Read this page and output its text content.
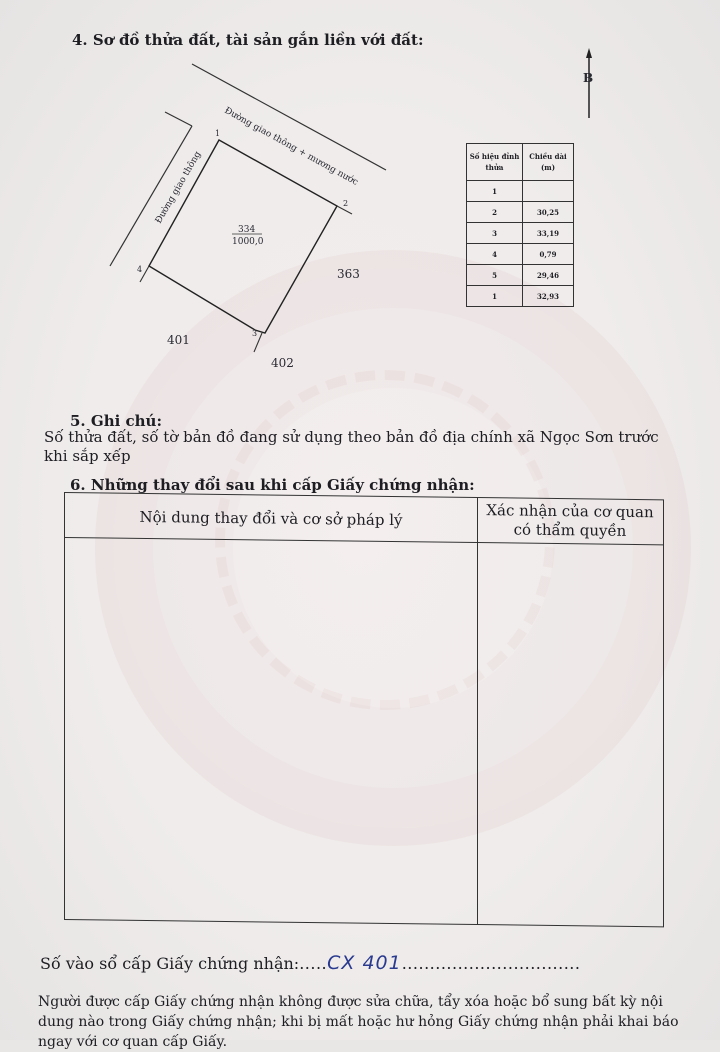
4. Sơ đồ thửa đất, tài sản gắn liền với đất:
B
Đường giao thông + mương nước
Đường giao thông
334
1000,0
1
2
3
4	363
401
402
Số hiệu đỉnh thửa	Chiều dài (m)
1	
2	30,25
3	33,19
4	0,79
5	29,46
1	32,93
5. Ghi chú:
Số thửa đất, số tờ bản đồ đang sử dụng theo bản đồ địa chính xã Ngọc Sơn trước khi sắp xếp
6. Những thay đổi sau khi cấp Giấy chứng nhận:
Nội dung thay đổi và cơ sở pháp lý	Xác nhận của cơ quan có thẩm quyền
Số vào sổ cấp Giấy chứng nhận:.....CX 401................................
Người được cấp Giấy chứng nhận không được sửa chữa, tẩy xóa hoặc bổ sung bất kỳ nội dung nào trong Giấy chứng nhận; khi bị mất hoặc hư hỏng Giấy chứng nhận phải khai báo ngay với cơ quan cấp Giấy.
